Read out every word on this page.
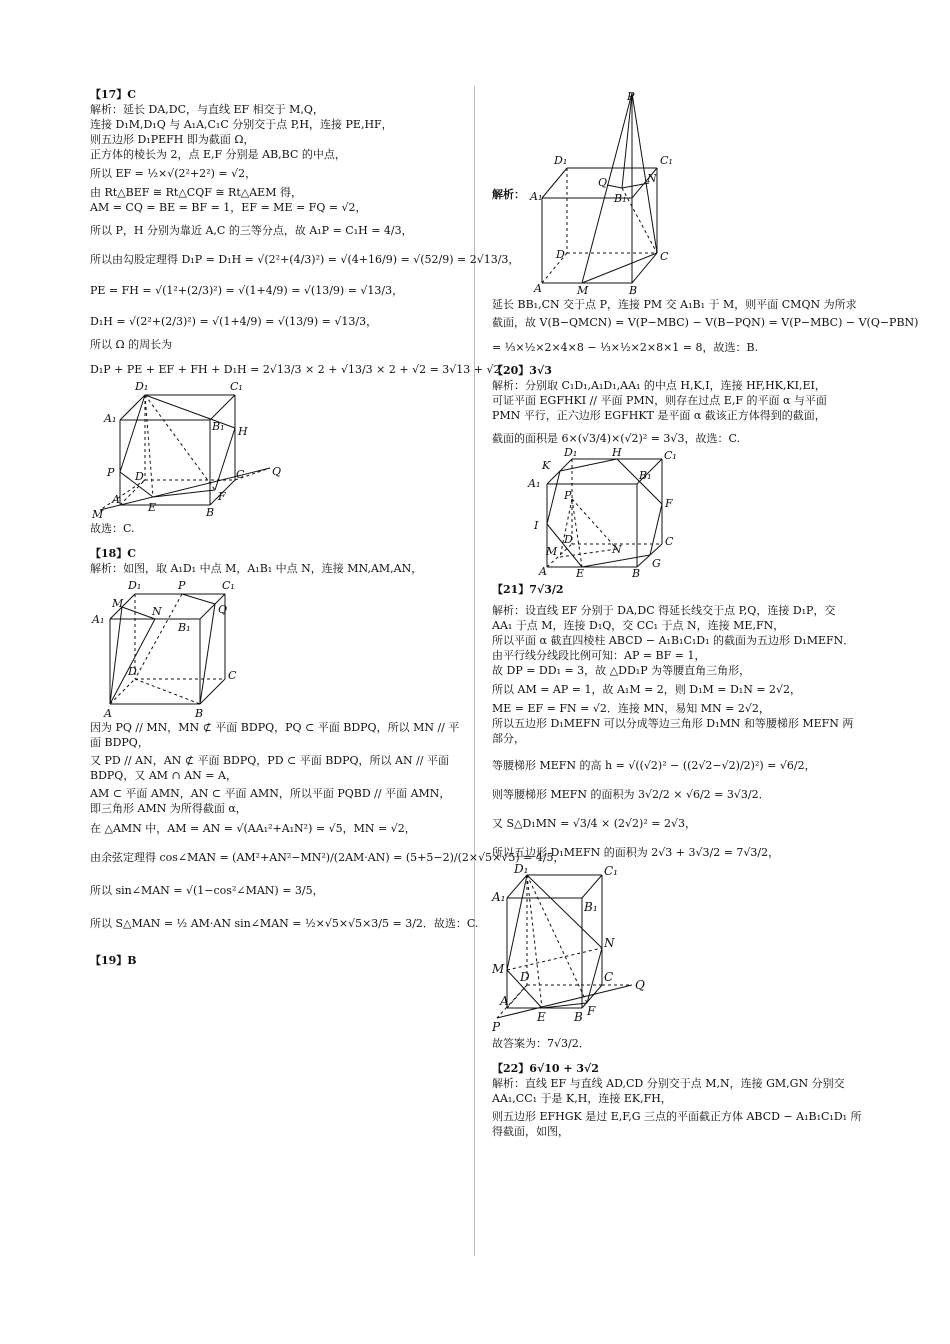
【17】C
解析：延长 DA,DC，与直线 EF 相交于 M,Q，
连接 D₁M,D₁Q 与 A₁A,C₁C 分别交于点 P,H，连接 PE,HF，
则五边形 D₁PEFH 即为截面 Ω，
正方体的棱长为 2，点 E,F 分别是 AB,BC 的中点，
所以 EF = ½×√(2²+2²) = √2，
由 Rt△BEF ≅ Rt△CQF ≅ Rt△AEM 得，
AM = CQ = BE = BF = 1，EF = ME = FQ = √2，
所以 P，H 分别为靠近 A,C 的三等分点，故 A₁P = C₁H = 4/3，
所以由勾股定理得 D₁P = D₁H = √(2²+(4/3)²) = √(4+16/9) = √(52/9) = 2√13/3，
PE = FH = √(1²+(2/3)²) = √(1+4/9) = √(13/9) = √13/3，
D₁H = √(2²+(2/3)²) = √(1+4/9) = √(13/9) = √13/3，
所以 Ω 的周长为
D₁P + PE + EF + FH + D₁H = 2√13/3 × 2 + √13/3 × 2 + √2 = 3√13 + √2 .
D₁	C₁
A₁
B₁ H
P D	C	Q
A
E
F
B
M
故选：C.
【18】C
解析：如图，取 A₁D₁ 中点 M，A₁B₁ 中点 N，连接 MN,AM,AN，
M
D₁	P	C₁
A₁
N	Q
B₁
D	C
A	B
因为 PQ // MN，MN ⊄ 平面 BDPQ，PQ ⊂ 平面 BDPQ，所以 MN // 平
面 BDPQ，
又 PD // AN，AN ⊄ 平面 BDPQ，PD ⊂ 平面 BDPQ，所以 AN // 平面
BDPQ，又 AM ∩ AN = A，
AM ⊂ 平面 AMN，AN ⊂ 平面 AMN，所以平面 PQBD // 平面 AMN，
即三角形 AMN 为所得截面 α，
在 △AMN 中，AM = AN = √(AA₁²+A₁N²) = √5，MN = √2，
由余弦定理得 cos∠MAN = (AM²+AN²−MN²)/(2AM·AN) = (5+5−2)/(2×√5×√5) = 4/5，
所以 sin∠MAN = √(1−cos²∠MAN) = 3/5，
所以 S△MAN = ½ AM·AN sin∠MAN = ½×√5×√5×3/5 = 3/2．故选：C.
【19】B
解析：
P
D₁	C₁
A₁
Q	N
B₁
D	C
A	M	B
延长 BB₁,CN 交于点 P，连接 PM 交 A₁B₁ 于 M，则平面 CMQN 为所求
截面，故 V(B−QMCN) = V(P−MBC) − V(B−PQN) = V(P−MBC) − V(Q−PBN)
= ⅓×½×2×4×8 − ⅓×½×2×8×1 = 8，故选：B.
【20】3√3
解析：分别取 C₁D₁,A₁D₁,AA₁ 的中点 H,K,I，连接 HF,HK,KI,EI，
可证平面 EGFHKI // 平面 PMN，则存在过点 E,F 的平面 α 与平面
PMN 平行，正六边形 EGFHKT 是平面 α 截该正方体得到的截面，
截面的面积是 6×(√3/4)×(√2)² = 3√3，故选：C.
D₁	H	C₁
K
A₁
B₁
P
F
I
D	C
M	N
A	E	B
G
【21】7√3/2
解析：设直线 EF 分别于 DA,DC 得延长线交于点 P,Q，连接 D₁P，交
AA₁ 于点 M，连接 D₁Q，交 CC₁ 于点 N，连接 ME,FN，
所以平面 α 截直四棱柱 ABCD − A₁B₁C₁D₁ 的截面为五边形 D₁MEFN．
由平行线分线段比例可知：AP = BF = 1，
故 DP = DD₁ = 3，故 △DD₁P 为等腰直角三角形，
所以 AM = AP = 1，故 A₁M = 2，则 D₁M = D₁N = 2√2，
ME = EF = FN = √2．连接 MN，易知 MN = 2√2，
所以五边形 D₁MEFN 可以分成等边三角形 D₁MN 和等腰梯形 MEFN 两
部分，
等腰梯形 MEFN 的高 h = √((√2)² − ((2√2−√2)/2)²) = √6/2，
则等腰梯形 MEFN 的面积为 3√2/2 × √6/2 = 3√3/2．
又 S△D₁MN = √3/4 × (2√2)² = 2√3，
所以五边形 D₁MEFN 的面积为 2√3 + 3√3/2 = 7√3/2，
D₁	C₁
A₁
B₁
N
M
D	C
Q
A
E	F
B
P
故答案为：7√3/2．
【22】6√10 + 3√2
解析：直线 EF 与直线 AD,CD 分别交于点 M,N，连接 GM,GN 分别交
AA₁,CC₁ 于是 K,H，连接 EK,FH，
则五边形 EFHGK 是过 E,F,G 三点的平面截正方体 ABCD − A₁B₁C₁D₁ 所
得截面，如图，
